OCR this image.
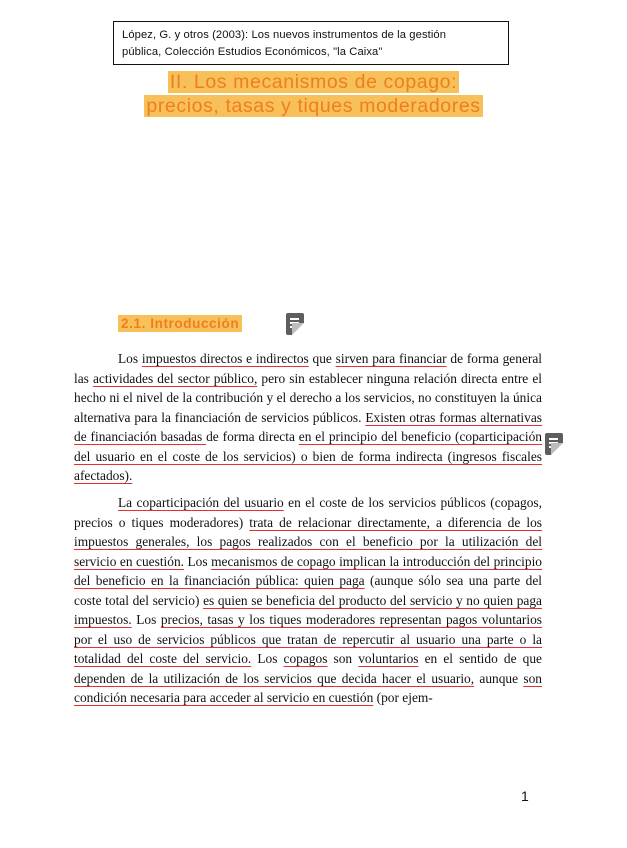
López, G. y otros (2003): Los nuevos instrumentos de la gestión
pública, Colección Estudios Económicos, "la Caixa"
II. Los mecanismos de copago:
precios, tasas y tiques moderadores
2.1. Introducción

Los impuestos directos e indirectos que sirven para financiar de forma general las actividades del sector público, pero sin establecer ninguna relación directa entre el hecho ni el nivel de la contribución y el derecho a los servicios, no constituyen la única alternativa para la financiación de servicios públicos. Existen otras formas alternativas de financiación basadas de forma directa en el principio del beneficio (coparticipación del usuario en el coste de los servicios) o bien de forma indirecta (ingresos fiscales afectados).

La coparticipación del usuario en el coste de los servicios públicos (copagos, precios o tiques moderadores) trata de relacionar directamente, a diferencia de los impuestos generales, los pagos realizados con el beneficio por la utilización del servicio en cuestión. Los mecanismos de copago implican la introducción del principio del beneficio en la financiación pública: quien paga (aunque sólo sea una parte del coste total del servicio) es quien se beneficia del producto del servicio y no quien paga impuestos. Los precios, tasas y los tiques moderadores representan pagos voluntarios por el uso de servicios públicos que tratan de repercutir al usuario una parte o la totalidad del coste del servicio. Los copagos son voluntarios en el sentido de que dependen de la utilización de los servicios que decida hacer el usuario, aunque son condición necesaria para acceder al servicio en cuestión (por ejem-

1
